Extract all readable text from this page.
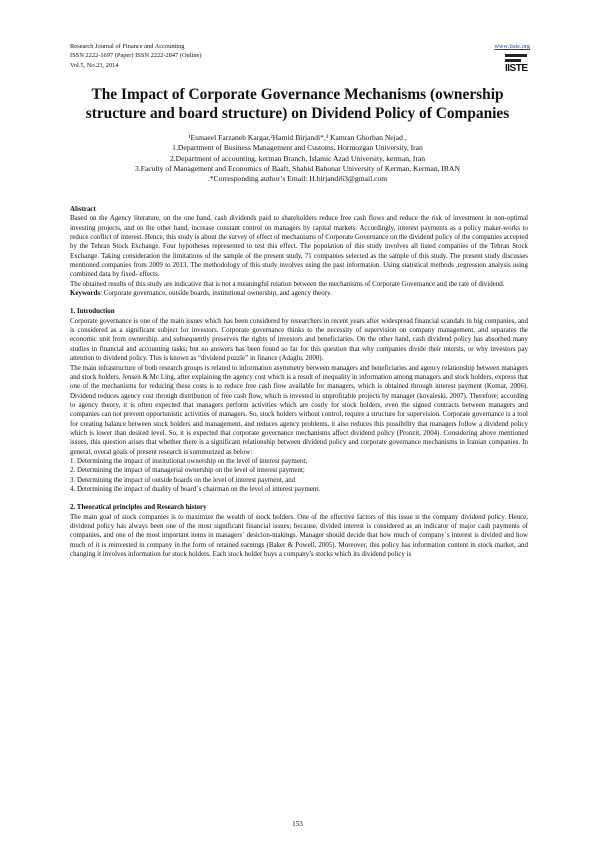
Research Journal of Finance and Accounting
ISSN 2222-1697 (Paper) ISSN 2222-2847 (Online)
Vol.5, No.23, 2014
www.iiste.org
IISTE
The Impact of Corporate Governance Mechanisms (ownership
structure and board structure) on Dividend Policy of Companies
¹Esmaeel Farzaneh Kargar,²Hamid Birjandi*,³ Kamran Ghorban Nejad ,
1.Department of Business Management and Customs, Hormozgan University, Iran
2.Department of accounting, kerman Branch, Islamic Azad University, kerman, Iran
3.Faculty of Management and Economics of Baaft, Shahid Bahonar University of Kerman, Kerman, IRAN
.*Corresponding author’s Email: H.birjandi63@gmail.com
Abstract

Based on the Agency literature, on the one hand, cash dividends paid to shareholders reduce free cash flows and reduce the risk of investment in non-optimal investing projects, and on the other hand, increase constant control on managers by capital markets. Accordingly, interest payments as a policy maker-works to reduce conflict of interest. Hence, this study is about the survey of effect of mechanisms of Corporate Governance on the dividend policy of the companies accepted by the Tehran Stock Exchange. Four hypotheses represented to test this effect. The population of this study involves all listed companies of the Tehran Stock Exchange. Taking consideration the limitations of the sample of the present study, 71 companies selected as the sample of this study. The present study discusses mentioned companies from 2009 to 2013. The methodology of this study involves using the past information. Using statistical methods ,regression analysis using combined data by fixed- effects.

The obtained results of this study are indicative that is not a meaningful relation between the mechanisms of Corporate Governance and the rate of dividend.

Keywords: Corporate governance, outside boards, institutional ownership, and agency theory.

1. Introduction

Corporate governance is one of the main issues which has been considered by researchers in recent years after widespread financial scandals in big companies, and is considered as a significant subject for investors. Corporate governance thinks to the necessity of supervision on company management, and separates the economic unit from ownership, and subsequently preserves the rights of investors and beneficiaries. On the other hand, cash dividend policy has absorbed many studies in financial and accounting tasks; but no answers has been found so far for this question that why companies divide their intersts, or why investors pay attention to dividend policy. This is known as “dividend puzzle” in finance (Adaglu, 2000).

The main infrastructure of both research groups is related to information asymmetry between managers and beneficiaries and agency relationship between managers and stock holders. Jensen & Mc Ling, after explaining the agency cost which is a result of inequality in information among managers and stock holders, express that one of the mechanisms for reducing these costs is to reduce free cash flow available for managers, which is obtained through interest payment (Komar, 2006). Dividend reduces agency cost through distribution of free cash flow, which is invested in unprofitable projects by manager (kovaleski, 2007). Therefore; according to agency theory, it is often expected that managers perform activities which are costly for stock holders, even the signed contracts between managers and companies can not prevent opportunistic activities of managers. So, stock holders without control, require a structure for supervision. Corporate governance is a tool for creating balance between stock holders and management, and reduces agency problems, it also reduces this possibility that managers follow a dividend policy which is lower than desired level. So, it is expected that corporate governance mechanisms affect dividend policy (Pronzit, 2004). Considering above mentioned issues, this question arises that whether there is a significant relationship between dividend policy and corporate governance mechanisms in Iranian companies. In general, overal goals of present research is summurized as below:

1. Determining the impact of institutional ownership on the level of interest payment;
2. Determining the impact of managerial ownership on the level of interest payment;
3. Determining the impact of outside boards on the level of interest payment, and
4. Determining the impact of duality of board`s chairman on the level of interest payment.
2. Theoratical principles and Research history

The main goal of stock companies is to maximize the wealth of stock holders. One of the effective factors of this issue is the company dividend policy. Hence, dividend policy has always been one of the most significant financial issues; because, divided interest is considered as an indicator of major cash payments of companies, and one of the most important items in managers` desicion-makings. Manager should decide that how much of company`s interest is divided and how much of it is reinvested in company in the form of retained earnings (Baker & Powell, 2005). Moreover, this policy has information content in stock market, and changing it involves information for stock holders. Each stock holder buys a company’s stocks which its dividend policy is

153
